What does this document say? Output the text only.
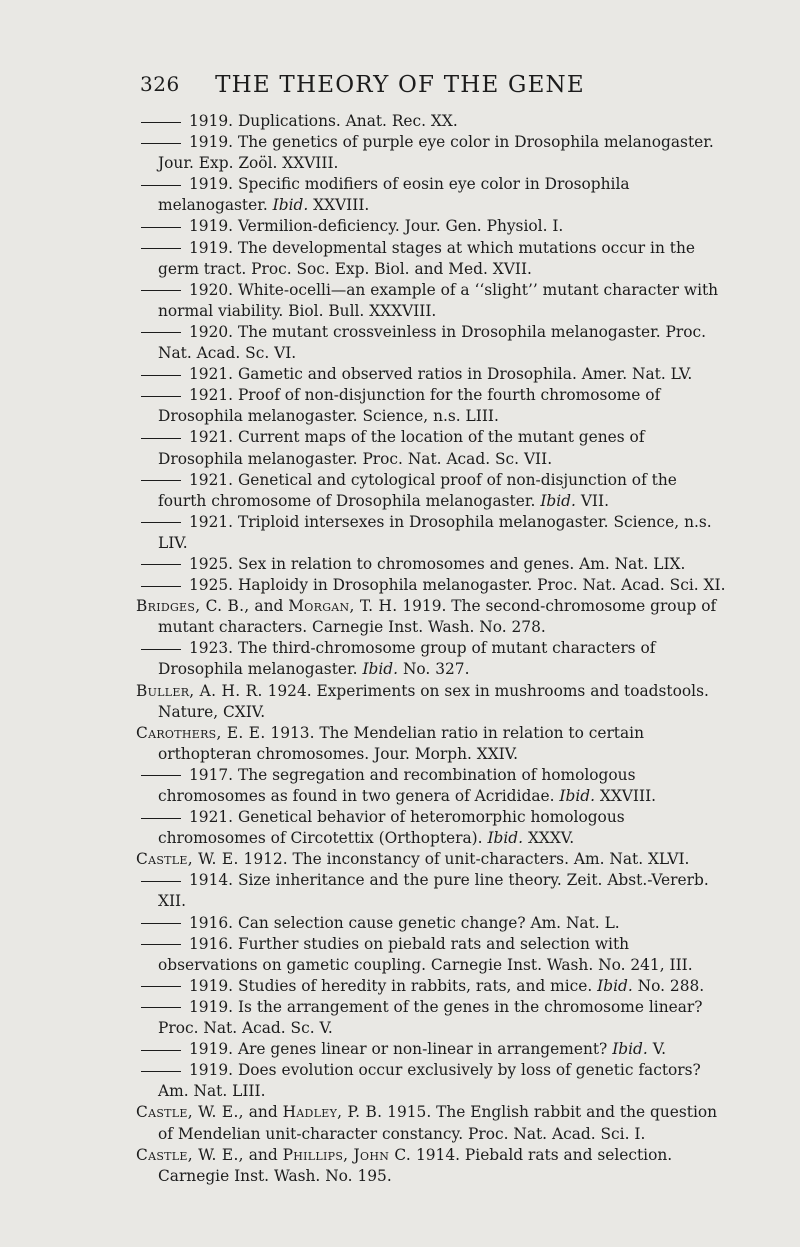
326	THE THEORY OF THE GENE

1919. Duplications. Anat. Rec. XX.

1919. The genetics of purple eye color in Drosophila melanogaster. Jour. Exp. Zoöl. XXVIII.

1919. Specific modifiers of eosin eye color in Drosophila melanogaster. Ibid. XXVIII.

1919. Vermilion-deficiency. Jour. Gen. Physiol. I.

1919. The developmental stages at which mutations occur in the germ tract. Proc. Soc. Exp. Biol. and Med. XVII.

1920. White-ocelli—an example of a ‘‘slight’’ mutant character with normal viability. Biol. Bull. XXXVIII.

1920. The mutant crossveinless in Drosophila melanogaster. Proc. Nat. Acad. Sc. VI.

1921. Gametic and observed ratios in Drosophila. Amer. Nat. LV.

1921. Proof of non-disjunction for the fourth chromosome of Drosophila melanogaster. Science, n.s. LIII.

1921. Current maps of the location of the mutant genes of Drosophila melanogaster. Proc. Nat. Acad. Sc. VII.

1921. Genetical and cytological proof of non-disjunction of the fourth chromosome of Drosophila melanogaster. Ibid. VII.

1921. Triploid intersexes in Drosophila melanogaster. Science, n.s. LIV.

1925. Sex in relation to chromosomes and genes. Am. Nat. LIX.

1925. Haploidy in Drosophila melanogaster. Proc. Nat. Acad. Sci. XI.

Bridges, C. B., and Morgan, T. H. 1919. The second-chromosome group of mutant characters. Carnegie Inst. Wash. No. 278.

1923. The third-chromosome group of mutant characters of Drosophila melanogaster. Ibid. No. 327.

Buller, A. H. R. 1924. Experiments on sex in mushrooms and toadstools. Nature, CXIV.

Carothers, E. E. 1913. The Mendelian ratio in relation to certain orthopteran chromosomes. Jour. Morph. XXIV.

1917. The segregation and recombination of homologous chromosomes as found in two genera of Acrididae. Ibid. XXVIII.

1921. Genetical behavior of heteromorphic homologous chromosomes of Circotettix (Orthoptera). Ibid. XXXV.

Castle, W. E. 1912. The inconstancy of unit-characters. Am. Nat. XLVI.

1914. Size inheritance and the pure line theory. Zeit. Abst.-Vererb. XII.

1916. Can selection cause genetic change? Am. Nat. L.

1916. Further studies on piebald rats and selection with observations on gametic coupling. Carnegie Inst. Wash. No. 241, III.

1919. Studies of heredity in rabbits, rats, and mice. Ibid. No. 288.

1919. Is the arrangement of the genes in the chromosome linear? Proc. Nat. Acad. Sc. V.

1919. Are genes linear or non-linear in arrangement? Ibid. V.

1919. Does evolution occur exclusively by loss of genetic factors? Am. Nat. LIII.

Castle, W. E., and Hadley, P. B. 1915. The English rabbit and the question of Mendelian unit-character constancy. Proc. Nat. Acad. Sci. I.

Castle, W. E., and Phillips, John C. 1914. Piebald rats and selection. Carnegie Inst. Wash. No. 195.
